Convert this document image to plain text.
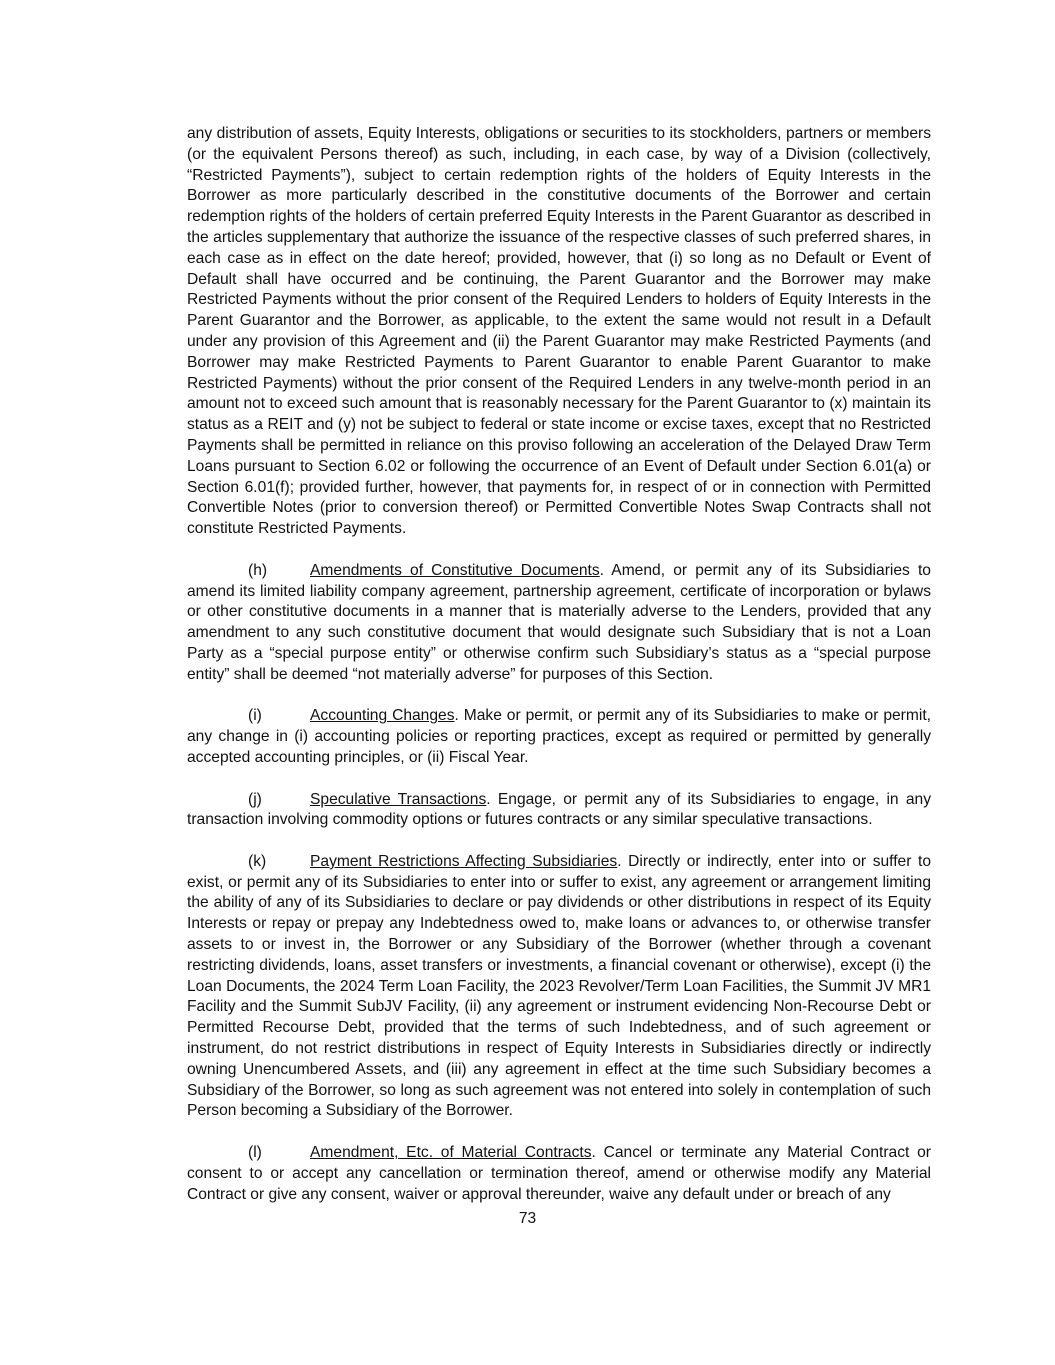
any distribution of assets, Equity Interests, obligations or securities to its stockholders, partners or members (or the equivalent Persons thereof) as such, including, in each case, by way of a Division (collectively, “Restricted Payments”), subject to certain redemption rights of the holders of Equity Interests in the Borrower as more particularly described in the constitutive documents of the Borrower and certain redemption rights of the holders of certain preferred Equity Interests in the Parent Guarantor as described in the articles supplementary that authorize the issuance of the respective classes of such preferred shares, in each case as in effect on the date hereof; provided, however, that (i) so long as no Default or Event of Default shall have occurred and be continuing, the Parent Guarantor and the Borrower may make Restricted Payments without the prior consent of the Required Lenders to holders of Equity Interests in the Parent Guarantor and the Borrower, as applicable, to the extent the same would not result in a Default under any provision of this Agreement and (ii) the Parent Guarantor may make Restricted Payments (and Borrower may make Restricted Payments to Parent Guarantor to enable Parent Guarantor to make Restricted Payments) without the prior consent of the Required Lenders in any twelve-month period in an amount not to exceed such amount that is reasonably necessary for the Parent Guarantor to (x) maintain its status as a REIT and (y) not be subject to federal or state income or excise taxes, except that no Restricted Payments shall be permitted in reliance on this proviso following an acceleration of the Delayed Draw Term Loans pursuant to Section 6.02 or following the occurrence of an Event of Default under Section 6.01(a) or Section 6.01(f); provided further, however, that payments for, in respect of or in connection with Permitted Convertible Notes (prior to conversion thereof) or Permitted Convertible Notes Swap Contracts shall not constitute Restricted Payments.

(h)	Amendments of Constitutive Documents. Amend, or permit any of its Subsidiaries to amend its limited liability company agreement, partnership agreement, certificate of incorporation or bylaws or other constitutive documents in a manner that is materially adverse to the Lenders, provided that any amendment to any such constitutive document that would designate such Subsidiary that is not a Loan Party as a “special purpose entity” or otherwise confirm such Subsidiary’s status as a “special purpose entity” shall be deemed “not materially adverse” for purposes of this Section.

(i)	Accounting Changes. Make or permit, or permit any of its Subsidiaries to make or permit, any change in (i) accounting policies or reporting practices, except as required or permitted by generally accepted accounting principles, or (ii) Fiscal Year.

(j)	Speculative Transactions. Engage, or permit any of its Subsidiaries to engage, in any transaction involving commodity options or futures contracts or any similar speculative transactions.

(k)	Payment Restrictions Affecting Subsidiaries. Directly or indirectly, enter into or suffer to exist, or permit any of its Subsidiaries to enter into or suffer to exist, any agreement or arrangement limiting the ability of any of its Subsidiaries to declare or pay dividends or other distributions in respect of its Equity Interests or repay or prepay any Indebtedness owed to, make loans or advances to, or otherwise transfer assets to or invest in, the Borrower or any Subsidiary of the Borrower (whether through a covenant restricting dividends, loans, asset transfers or investments, a financial covenant or otherwise), except (i) the Loan Documents, the 2024 Term Loan Facility, the 2023 Revolver/Term Loan Facilities, the Summit JV MR1 Facility and the Summit SubJV Facility, (ii) any agreement or instrument evidencing Non-Recourse Debt or Permitted Recourse Debt, provided that the terms of such Indebtedness, and of such agreement or instrument, do not restrict distributions in respect of Equity Interests in Subsidiaries directly or indirectly owning Unencumbered Assets, and (iii) any agreement in effect at the time such Subsidiary becomes a Subsidiary of the Borrower, so long as such agreement was not entered into solely in contemplation of such Person becoming a Subsidiary of the Borrower.

(l)	Amendment, Etc. of Material Contracts. Cancel or terminate any Material Contract or consent to or accept any cancellation or termination thereof, amend or otherwise modify any Material Contract or give any consent, waiver or approval thereunder, waive any default under or breach of any

73
